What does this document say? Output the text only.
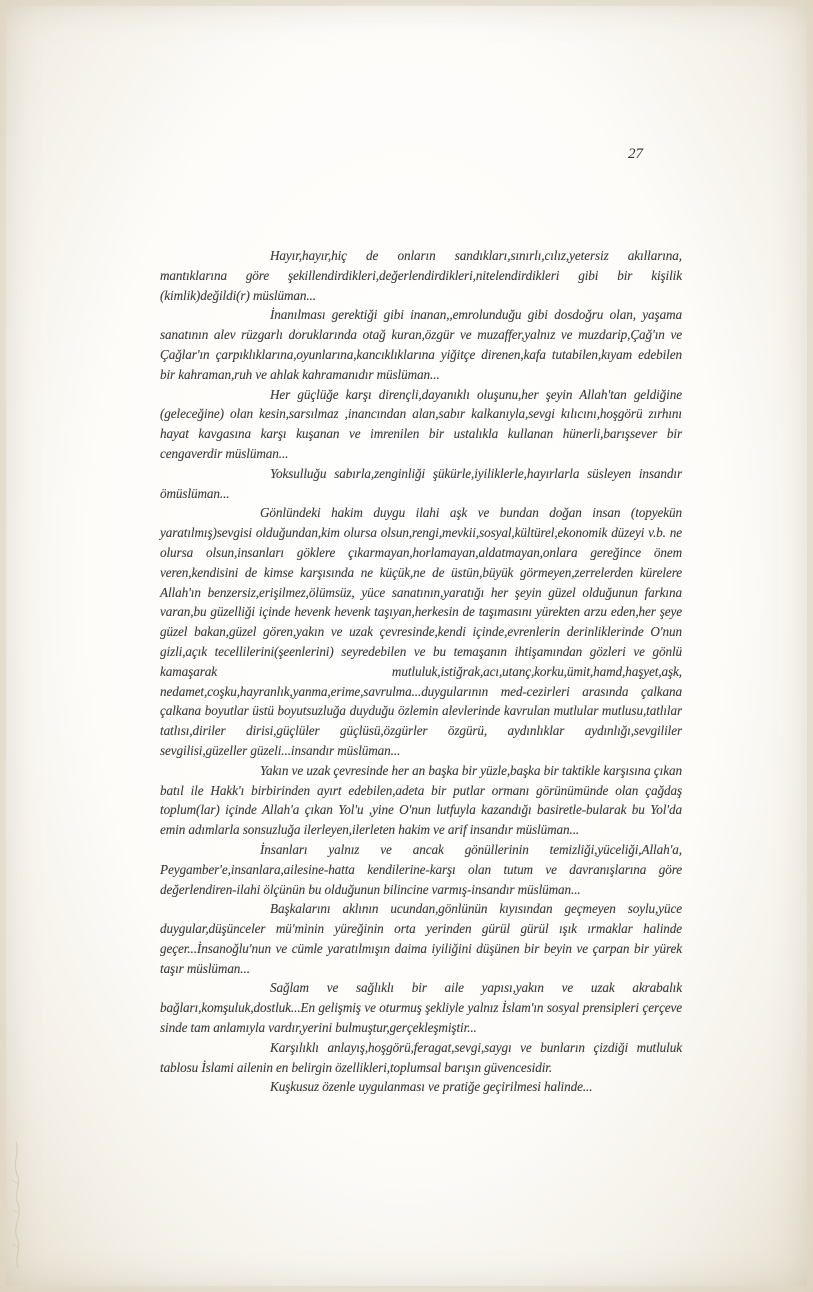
27

Hayır,hayır,hiç de onların sandıkları,sınırlı,cılız,yetersiz akıllarına, mantıklarına göre şekillendirdikleri,değerlendirdikleri,nitelendirdikleri gibi bir kişilik (kimlik)değildi(r) müslüman...

İnanılması gerektiği gibi inanan,,emrolunduğu gibi dosdoğru olan, yaşama sanatının alev rüzgarlı doruklarında otağ kuran,özgür ve muzaffer,yalnız ve muzdarip,Çağ'ın ve Çağlar'ın çarpıklıklarına,oyunlarına,kancıklıklarına yiğitçe direnen,kafa tutabilen,kıyam edebilen bir kahraman,ruh ve ahlak kahramanıdır müslüman...

Her güçlüğe karşı dirençli,dayanıklı oluşunu,her şeyin Allah'tan geldiğine (geleceğine) olan kesin,sarsılmaz ,inancından alan,sabır kalkanıyla,sevgi kılıcını,hoşgörü zırhını hayat kavgasına karşı kuşanan ve imrenilen bir ustalıkla kullanan hünerli,barışsever bir cengaverdir müslüman...

Yoksulluğu sabırla,zenginliği şükürle,iyiliklerle,hayırlarla süsleyen insandır ömüslüman...

Gönlündeki hakim duygu ilahi aşk ve bundan doğan insan (topyekün yaratılmış)sevgisi olduğundan,kim olursa olsun,rengi,mevkii,sosyal,kültürel,ekonomik düzeyi v.b. ne olursa olsun,insanları göklere çıkarmayan,horlamayan,aldatmayan,onlara gereğince önem veren,kendisini de kimse karşısında ne küçük,ne de üstün,büyük görmeyen,zerrelerden kürelere Allah'ın benzersiz,erişilmez,ölümsüz, yüce sanatının,yaratığı her şeyin güzel olduğunun farkına varan,bu güzelliği içinde hevenk hevenk taşıyan,herkesin de taşımasını yürekten arzu eden,her şeye güzel bakan,güzel gören,yakın ve uzak çevresinde,kendi içinde,evrenlerin derinliklerinde O'nun gizli,açık tecellilerini(şeenlerini) seyredebilen ve bu temaşanın ihtişamından gözleri ve gönlü kamaşarak mutluluk,istiğrak,acı,utanç,korku,ümit,hamd,haşyet,aşk, nedamet,coşku,hayranlık,yanma,erime,savrulma...duygularının med-cezirleri arasında çalkana çalkana boyutlar üstü boyutsuzluğa duyduğu özlemin alevlerinde kavrulan mutlular mutlusu,tatlılar tatlısı,diriler dirisi,güçlüler güçlüsü,özgürler özgürü, aydınlıklar aydınlığı,sevgililer sevgilisi,güzeller güzeli...insandır müslüman...

Yakın ve uzak çevresinde her an başka bir yüzle,başka bir taktikle karşısına çıkan batıl ile Hakk'ı birbirinden ayırt edebilen,adeta bir putlar ormanı görünümünde olan çağdaş toplum(lar) içinde Allah'a çıkan Yol'u ,yine O'nun lutfuyla kazandığı basiretle-bularak bu Yol'da emin adımlarla sonsuzluğa ilerleyen,ilerleten hakim ve arif insandır müslüman...

İnsanları yalnız ve ancak gönüllerinin temizliği,yüceliği,Allah'a, Peygamber'e,insanlara,ailesine-hatta kendilerine-karşı olan tutum ve davranışlarına göre değerlendiren-ilahi ölçünün bu olduğunun bilincine varmış-insandır müslüman...

Başkalarını aklının ucundan,gönlünün kıyısından geçmeyen soylu,yüce duygular,düşünceler mü'minin yüreğinin orta yerinden gürül gürül ışık ırmaklar halinde geçer...İnsanoğlu'nun ve cümle yaratılmışın daima iyiliğini düşünen bir beyin ve çarpan bir yürek taşır müslüman...

Sağlam ve sağlıklı bir aile yapısı,yakın ve uzak akrabalık bağları,komşuluk,dostluk...En gelişmiş ve oturmuş şekliyle yalnız İslam'ın sosyal prensipleri çerçeve sinde tam anlamıyla vardır,yerini bulmuştur,gerçekleşmiştir...

Karşılıklı anlayış,hoşgörü,feragat,sevgi,saygı ve bunların çizdiği mutluluk tablosu İslami ailenin en belirgin özellikleri,toplumsal barışın güvencesidir.

Kuşkusuz özenle uygulanması ve pratiğe geçirilmesi halinde...
